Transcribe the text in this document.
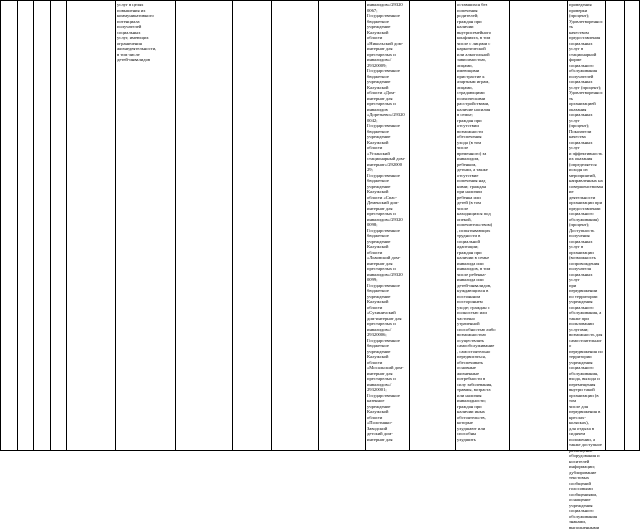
услуг в целях
повышения их
коммуникативного
потенциала
получателей
социальных
услуг, имеющих
ограничения
жизнедеятельности,
в том числе
детей-инвалидов
инвалидов»/29320
0067;
Государственное
бюджетное
учреждение
Калужской
области
«Никольский дом-
интернат для
престарелых и
инвалидов»/
29320009;
Государственное
бюджетное
учреждение
Калужской
области «Дом-
интернат для
престарелых и
инвалидов
«Доретьево»/29320
0042;
Государственное
бюджетное
учреждение
Калужской
области
«Угланский
стационарный дом-
интернат»/292000
29;
Государственное
бюджетное
учреждение
Калужской
области «Спас-
Деменский дом-
интернат для
престарелых и
инвалидов»/29320
0098;
Государственное
бюджетное
учреждение
Калужской
области
«Львовский дом-
интернат для
престарелых и
инвалидов»/29320
0099;
Государственное
бюджетное
учреждение
Калужской
области
«Сухиничский
дом-интернат для
престарелых и
инвалидов»/
29320006;
Государственное
бюджетное
учреждение
Калужской
области
«Мосальский дом-
интернат для
престарелых и
инвалидов»/
29320001;
Государственное
казенное
учреждение
Калужской
области
«Полотняно-
Заводский
детский дом-
интернат для
оставшихся без
попечения
родителей;
граждан при
наличии
внутрисемейного
конфликта, в том
числе с лицами с
наркотической
или алкогольной
зависимостью,
лицами,
имеющими
пристрастие к
азартным играм,
лицами,
страдающими
психическими
расстройствами,
наличие насилия
в семье;
граждан при
отсутствии
возможности
обеспечения
ухода (в том
числе
временного) за
инвалидом,
ребенком,
детьми, а также
отсутствие
попечения над
ними; граждан
при наличии
ребенка или
детей (в том
числе
находящихся под
опекой,
попечительством)
, испытывающих
трудности в
социальной
адаптации;
граждан при
наличии в семье
инвалида или
инвалидов, в том
числе ребенка-
инвалида или
детей-инвалидов,
нуждающихся в
постоянном
постороннем
уходе; граждан с
полностью или
частично
утраченной
способностью либо
возможностью
осуществлять
самообслуживание
, самостоятельно
передвигаться,
обеспечивать
основные
жизненные
потребности в
силу заболевания,
травмы, возраста
или наличия
инвалидности;
граждан при
наличии иных
обстоятельств,
которые
ухудшают или
способны
ухудшить
проведения
проверки
(процент);
Удовлетворенность
качеством
предоставления
социальных услуг в
стационарной
форме
социального
обслуживания
получателей
социальных
услуг (процент);
Удовлетворенность
организацией
оказания
социальных услуг
(процент);
Показатели
качества
социальных услуг
и эффективность
их оказания
(определяется
исходя из
мероприятий,
направленных на
совершенствование
деятельности
организации при
предоставлении
социального
обслуживания)
(процент);
Доступность
получения
социальных услуг в
организации
(возможность
сопровождения
получателя
социальных услуг
при передвижении
по территории
учреждения
социального
обслуживания, а
также при
пользовании
услугами;
возможность для
самостоятельного
передвижения по
территории
учреждения
социального
обслуживания,
входа, выхода и
перемещения
внутри такой
организации (в том
числе для
передвижения в
креслах-колясках),
для отдыха в
сидячем
положении, а
также доступное
размещение
оборудования и
носителей
информации;
дублирование
текстовых
сообщений
голосовыми
сообщениями,
оснащение
учреждения
социального
обслуживания
знаками,
выполненными
